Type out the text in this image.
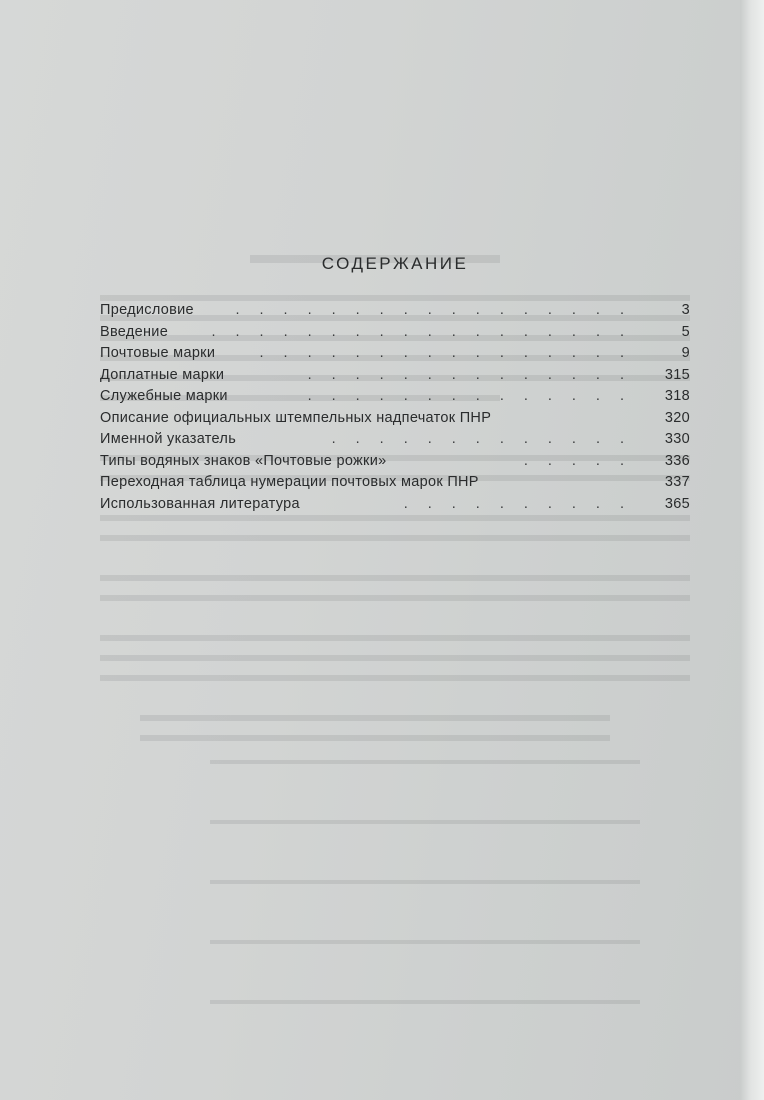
СОДЕРЖАНИЕ
Предисловие	.................	3
Введение	..................	5
Почтовые марки	................	9
Доплатные марки	..............	315
Служебные марки	..............	318
Описание официальных штемпельных надпечаток ПНР	320
Именной указатель	.............	330
Типы водяных знаков «Почтовые рожки»	.....	336
Переходная таблица нумерации почтовых марок ПНР	337
Использованная литература	..........	365
